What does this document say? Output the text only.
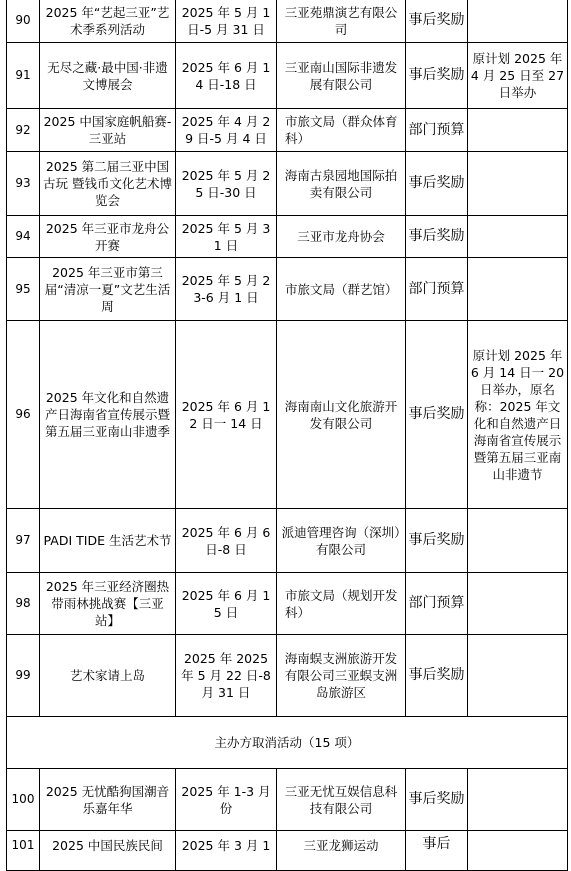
90	2025 年“艺起三亚”艺术季系列活动	2025 年 5 月 1 日-5 月 31 日	三亚苑鼎演艺有限公司	事后奖励	
91	无尽之藏·最中国·非遗文博展会	2025 年 6 月 14 日-18 日	三亚南山国际非遗发展有限公司	事后奖励	原计划 2025 年 4 月 25 日至 27 日举办
92	2025 中国家庭帆船赛-三亚站	2025 年 4 月 29 日-5 月 4 日	市旅文局（群众体育科）	部门预算	
93	2025 第二届三亚中国古玩 暨钱币文化艺术博览会	2025 年 5 月 25 日-30 日	海南古泉园地国际拍卖有限公司	事后奖励	
94	2025 年三亚市龙舟公开赛	2025 年 5 月 31 日	三亚市龙舟协会	事后奖励	
95	2025 年三亚市第三届“清凉一夏”文艺生活周	2025 年 5 月 23-6 月 1 日	市旅文局（群艺馆）	部门预算	
96	2025 年文化和自然遗产日海南省宣传展示暨第五届三亚南山非遗季	2025 年 6 月 12 日一 14 日	海南南山文化旅游开发有限公司	事后奖励	原计划 2025 年 6 月 14 日一 20 日举办，原名称：2025 年文化和自然遗产日海南省宣传展示暨第五届三亚南山非遗节
97	PADI TIDE 生活艺术节	2025 年 6 月 6 日-8 日	派迪管理咨询（深圳）有限公司	事后奖励	
98	2025 年三亚经济圈热带雨林挑战赛【三亚站】	2025 年 6 月 15 日	市旅文局（规划开发科）	部门预算	
99	艺术家请上岛	2025 年 2025 年 5 月 22 日-8 月 31 日	海南蜈支洲旅游开发有限公司三亚蜈支洲岛旅游区	事后奖励	
主办方取消活动（15 项）					
100	2025 无忧酷狗国潮音乐嘉年华	2025 年 1-3 月份	三亚无忧互娱信息科技有限公司	事后奖励	
101	2025 中国民族民间	2025 年 3 月 1	三亚龙狮运动	事后	
